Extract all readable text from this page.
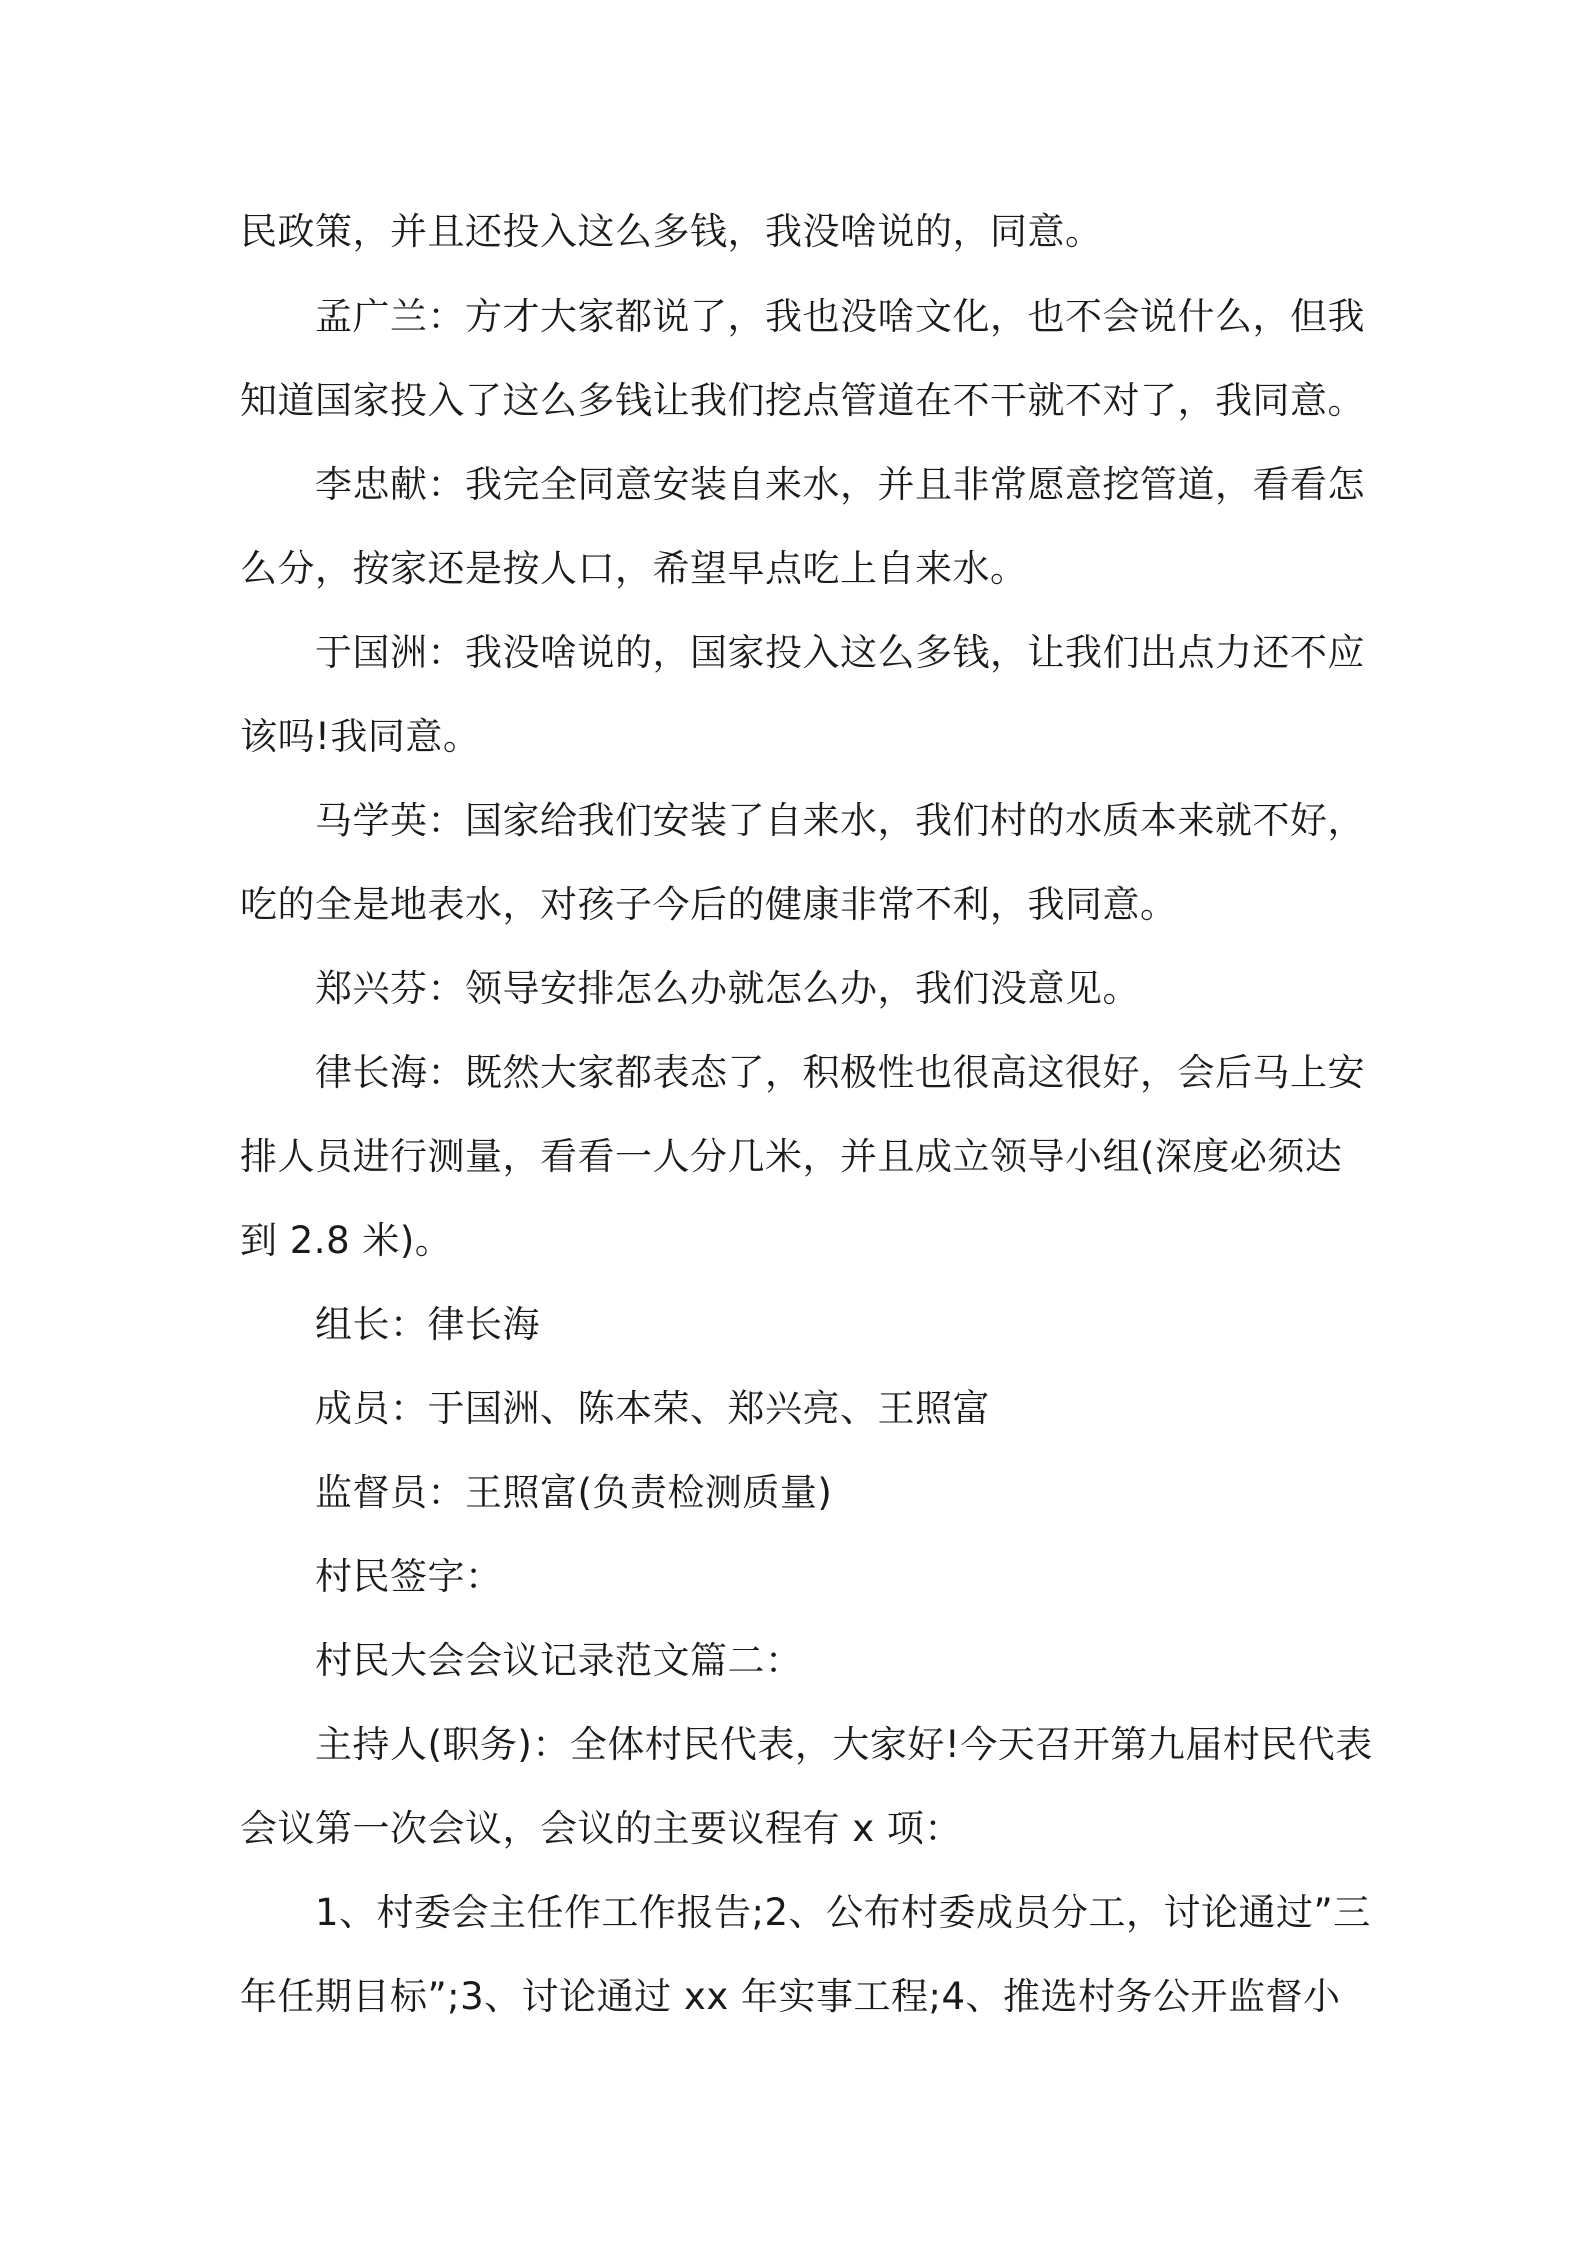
民政策，并且还投入这么多钱，我没啥说的，同意。
孟广兰：方才大家都说了，我也没啥文化，也不会说什么，但我
知道国家投入了这么多钱让我们挖点管道在不干就不对了，我同意。
李忠献：我完全同意安装自来水，并且非常愿意挖管道，看看怎
么分，按家还是按人口，希望早点吃上自来水。
于国洲：我没啥说的，国家投入这么多钱，让我们出点力还不应
该吗!我同意。
马学英：国家给我们安装了自来水，我们村的水质本来就不好，
吃的全是地表水，对孩子今后的健康非常不利，我同意。
郑兴芬：领导安排怎么办就怎么办，我们没意见。
律长海：既然大家都表态了，积极性也很高这很好，会后马上安
排人员进行测量，看看一人分几米，并且成立领导小组(深度必须达
到 2.8 米)。
组长：律长海
成员：于国洲、陈本荣、郑兴亮、王照富
监督员：王照富(负责检测质量)
村民签字：
村民大会会议记录范文篇二：
主持人(职务)：全体村民代表，大家好!今天召开第九届村民代表
会议第一次会议，会议的主要议程有 x 项：
1、村委会主任作工作报告;2、公布村委成员分工，讨论通过”三
年任期目标”;3、讨论通过 xx 年实事工程;4、推选村务公开监督小
